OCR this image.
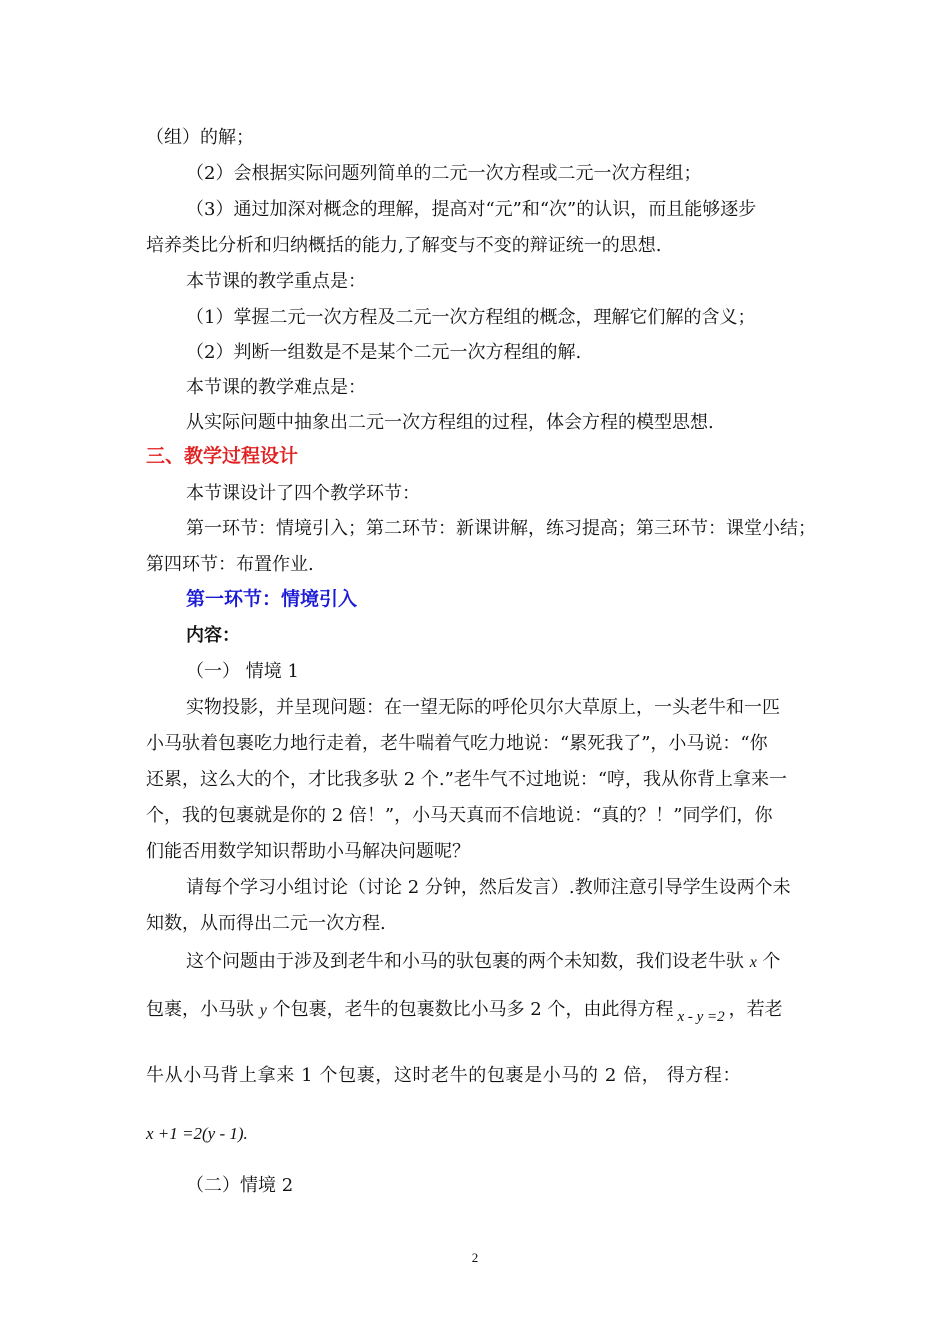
（组）的解；
（2）会根据实际问题列简单的二元一次方程或二元一次方程组；
（3）通过加深对概念的理解，提高对“元”和“次”的认识，而且能够逐步
培养类比分析和归纳概括的能力,了解变与不变的辩证统一的思想.
本节课的教学重点是：
（1）掌握二元一次方程及二元一次方程组的概念，理解它们解的含义；
（2）判断一组数是不是某个二元一次方程组的解.
本节课的教学难点是：
从实际问题中抽象出二元一次方程组的过程，体会方程的模型思想.
三、教学过程设计
本节课设计了四个教学环节：
第一环节：情境引入；第二环节：新课讲解，练习提高；第三环节：课堂小结；
第四环节：布置作业.
第一环节：情境引入
内容：
（一） 情境 1
实物投影，并呈现问题：在一望无际的呼伦贝尔大草原上，一头老牛和一匹
小马驮着包裹吃力地行走着，老牛喘着气吃力地说：“累死我了”，小马说：“你
还累，这么大的个，才比我多驮 2 个.”老牛气不过地说：“哼，我从你背上拿来一
个，我的包裹就是你的 2 倍！”，小马天真而不信地说：“真的？！”同学们，你
们能否用数学知识帮助小马解决问题呢？
请每个学习小组讨论（讨论 2 分钟，然后发言）.教师注意引导学生设两个未
知数，从而得出二元一次方程.
这个问题由于涉及到老牛和小马的驮包裹的两个未知数，我们设老牛驮 x 个
包裹，小马驮 y 个包裹，老牛的包裹数比小马多 2 个，由此得方程 $_{x - y =2}$ ，若老
牛从小马背上拿来 1 个包裹，这时老牛的包裹是小马的 2 倍， 得方程：
x +1 =2(y - 1).
（二）情境 2
2
